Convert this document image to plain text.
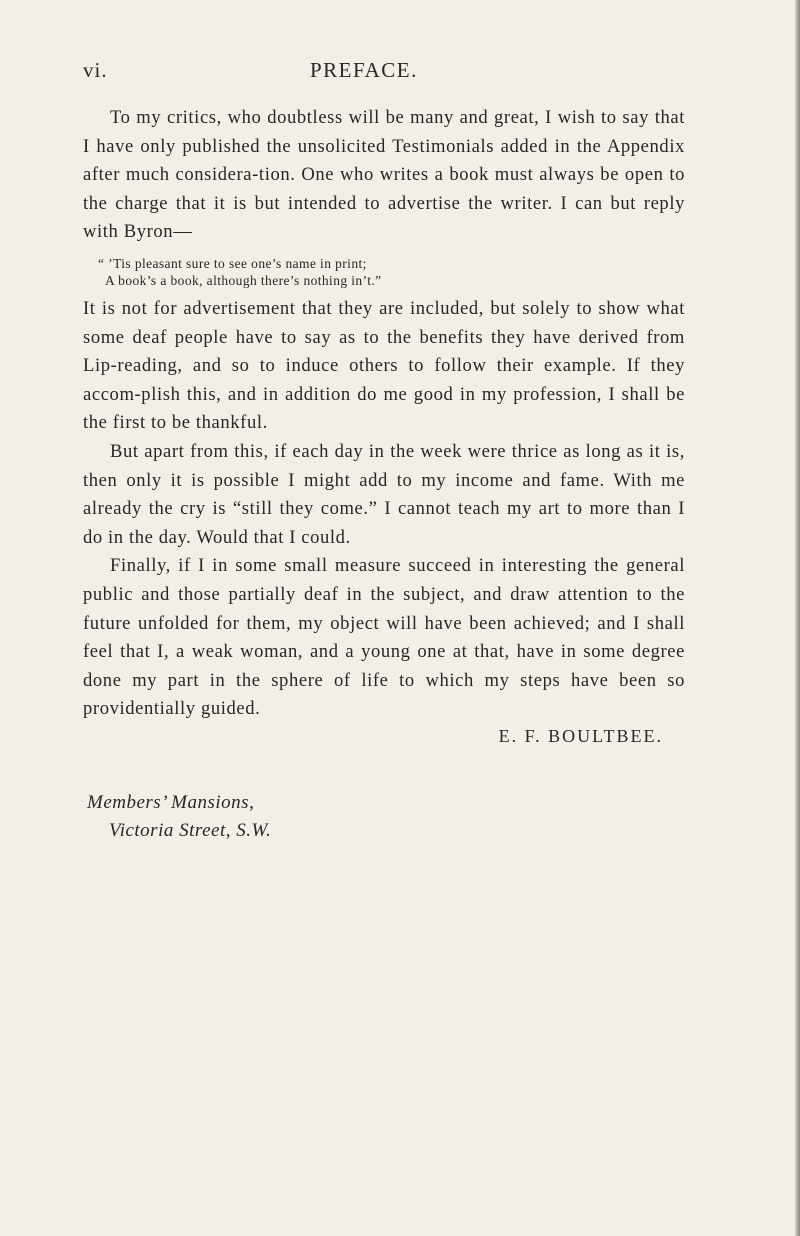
vi.	PREFACE.

To my critics, who doubtless will be many and great, I wish to say that I have only published the unsolicited Testimonials added in the Appendix after much considera-tion. One who writes a book must always be open to the charge that it is but intended to advertise the writer. I can but reply with Byron—

“ ’Tis pleasant sure to see one’s name in print;
A book’s a book, although there’s nothing in’t.”

It is not for advertisement that they are included, but solely to show what some deaf people have to say as to the benefits they have derived from Lip-reading, and so to induce others to follow their example. If they accom-plish this, and in addition do me good in my profession, I shall be the first to be thankful.

But apart from this, if each day in the week were thrice as long as it is, then only it is possible I might add to my income and fame. With me already the cry is “still they come.” I cannot teach my art to more than I do in the day. Would that I could.

Finally, if I in some small measure succeed in interesting the general public and those partially deaf in the subject, and draw attention to the future unfolded for them, my object will have been achieved; and I shall feel that I, a weak woman, and a young one at that, have in some degree done my part in the sphere of life to which my steps have been so providentially guided.

E. F. BOULTBEE.
Members’ Mansions,
Victoria Street, S.W.
